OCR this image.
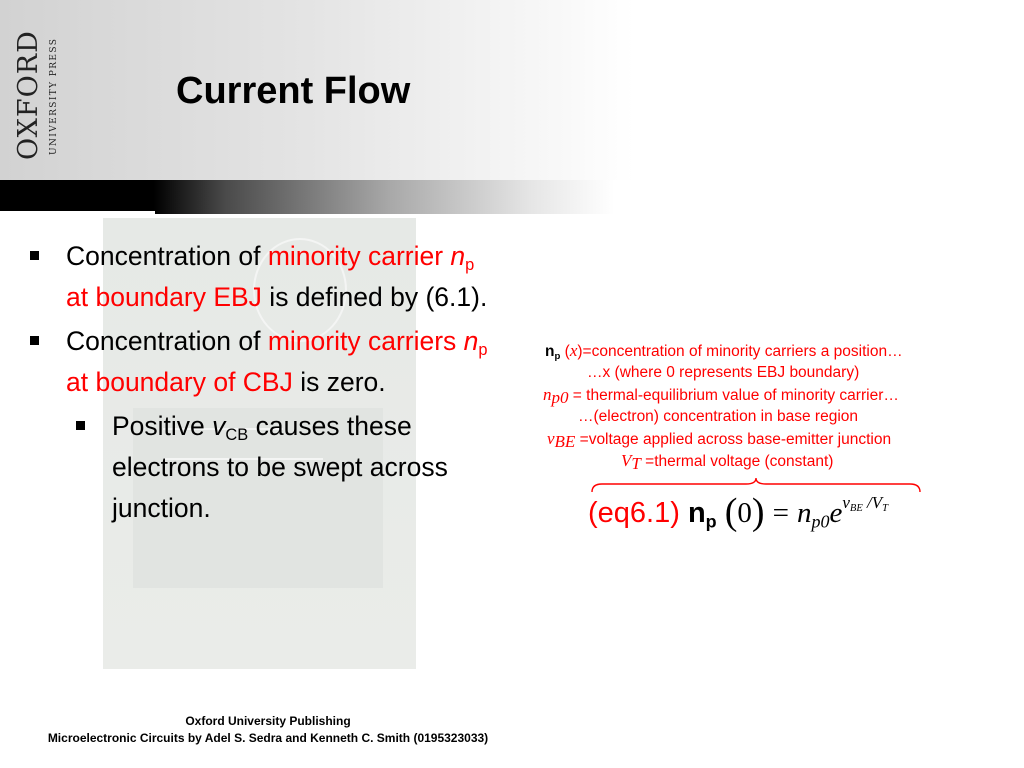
OXFORD UNIVERSITY PRESS	Current Flow
Concentration of minority carrier $n_p$ at boundary EBJ is defined by (6.1).
Concentration of minority carriers $n_p$ at boundary of CBJ is zero.
Positive $v_{CB}$ causes these electrons to be swept across junction.
$n_p$ (x)=concentration of minority carriers a position…
…x (where 0 represents EBJ boundary)
$n_{p0}$ = thermal-equilibrium value of minority carrier…
…(electron) concentration in base region
$v_{BE}$ =voltage applied across base-emitter junction
$V_T$ =thermal voltage (constant)
(eq6.1) $n_p$ $(0) = n_{p0}e^{v_{BE} /V_T}$
Oxford University Publishing
Microelectronic Circuits by Adel S. Sedra and Kenneth C. Smith (0195323033)
